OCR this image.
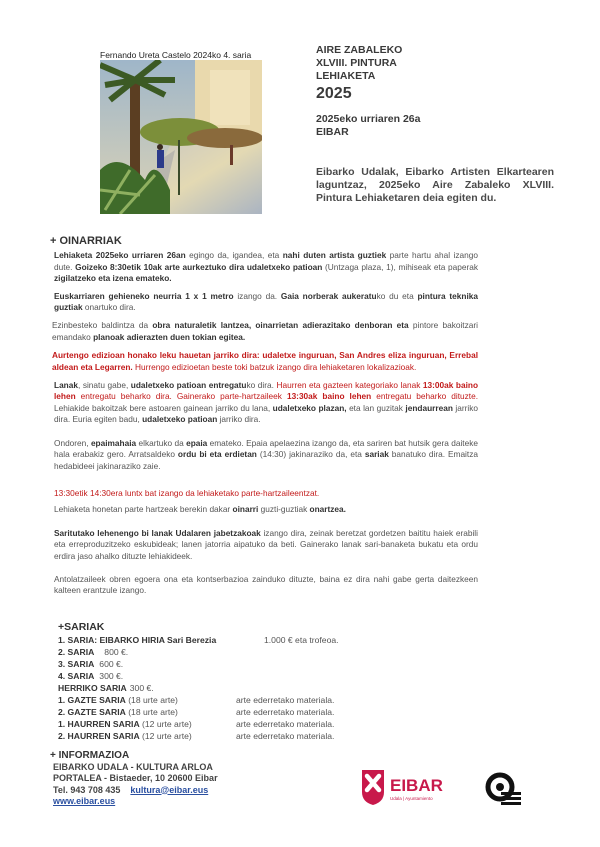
Fernando Ureta Castelo 2024ko 4. saria	AIRE ZABALEKO
XLVIII. PINTURA
LEHIAKETA
2025
2025eko urriaren 26a
EIBAR
Eibarko Udalak, Eibarko Artisten Elkartearen laguntzaz, 2025eko Aire Zabaleko XLVIII. Pintura Lehiaketaren deia egiten du.
+ OINARRIAK

Lehiaketa 2025eko urriaren 26an egingo da, igandea, eta nahi duten artista guztiek parte hartu ahal izango dute. Goizeko 8:30etik 10ak arte aurkeztuko dira udaletxeko patioan (Untzaga plaza, 1), mihiseak eta paperak zigilatzeko eta izena emateko.

Euskarriaren gehieneko neurria 1 x 1 metro izango da. Gaia norberak aukeratuko du eta pintura teknika guztiak onartuko dira.

Ezinbesteko baldintza da obra naturaletik lantzea, oinarrietan adierazitako denboran eta pintore bakoitzari emandako planoak adierazten duen tokian egitea.

Aurtengo edizioan honako leku hauetan jarriko dira: udaletxe inguruan, San Andres eliza inguruan, Errebal aldean eta Legarren. Hurrengo edizioetan beste toki batzuk izango dira lehiaketaren lokalizazioak.

Lanak, sinatu gabe, udaletxeko patioan entregatuko dira. Haurren eta gazteen kategoriako lanak 13:00ak baino lehen entregatu beharko dira. Gainerako parte-hartzaileek 13:30ak baino lehen entregatu beharko dituzte. Lehiakide bakoitzak bere astoaren gainean jarriko du lana, udaletxeko plazan, eta lan guzitak jendaurrean jarriko dira. Euria egiten badu, udaletxeko patioan jarriko dira.

Ondoren, epaimahaia elkartuko da epaia emateko. Epaia apelaezina izango da, eta sariren bat hutsik gera daiteke hala erabakiz gero. Arratsaldeko ordu bi eta erdietan (14:30) jakinaraziko da, eta sariak banatuko dira. Emaitza hedabideei jakinaraziko zaie.

13:30etik 14:30era luntx bat izango da lehiaketako parte-hartzaileentzat.

Lehiaketa honetan parte hartzeak berekin dakar oinarri guzti-guztiak onartzea.

Saritutako lehenengo bi lanak Udalaren jabetzakoak izango dira, zeinak beretzat gordetzen baititu haiek erabili eta erreproduzitzeko eskubideak; lanen jatorria aipatuko da beti. Gainerako lanak sari-banaketa bukatu eta ordu erdira jaso ahalko dituzte lehiakideek.

Antolatzaileek obren egoera ona eta kontserbazioa zainduko dituzte, baina ez dira nahi gabe gerta daitezkeen kalteen erantzule izango.

+SARIAK
1. SARIA: EIBARKO HIRIA Sari Berezia	1.000 € eta trofeoa.
2. SARIA 800 €.
3. SARIA 600 €.
4. SARIA 300 €.
HERRIKO SARIA 300 €.
1. GAZTE SARIA (18 urte arte)	arte ederretako materiala.
2. GAZTE SARIA (18 urte arte)	arte ederretako materiala.
1. HAURREN SARIA (12 urte arte)	arte ederretako materiala.
2. HAURREN SARIA (12 urte arte)	arte ederretako materiala.
+ INFORMAZIOA
EIBARKO UDALA - KULTURA ARLOA
PORTALEA - Bistaeder, 10 20600 Eibar
Tel. 943 708 435 kultura@eibar.eus
www.eibar.eus
EIBAR
Udala | Ayuntamiento
